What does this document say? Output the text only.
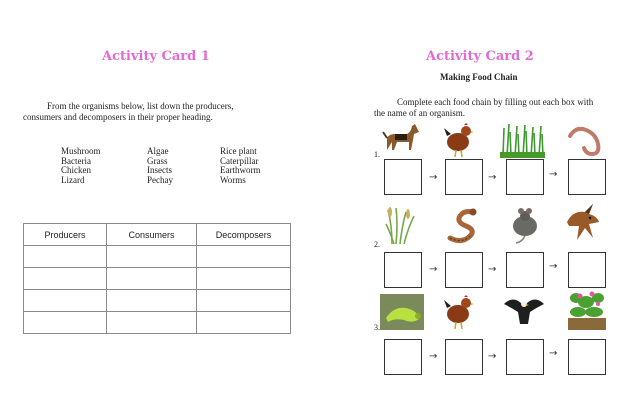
Activity Card 1
From the organisms below, list down the producers,
consumers and decomposers in their proper heading.
Mushroom
Bacteria
Chicken
Lizard
Algae
Grass
Insects
Pechay
Rice plant
Caterpillar
Earthworm
Worms
Producers	Consumers	Decomposers

Activity Card 2
Making Food Chain
Complete each food chain by filling out each box with
the name of an organism.
1.
→	→	→
2.
→	→	→
3.
→	→	→
